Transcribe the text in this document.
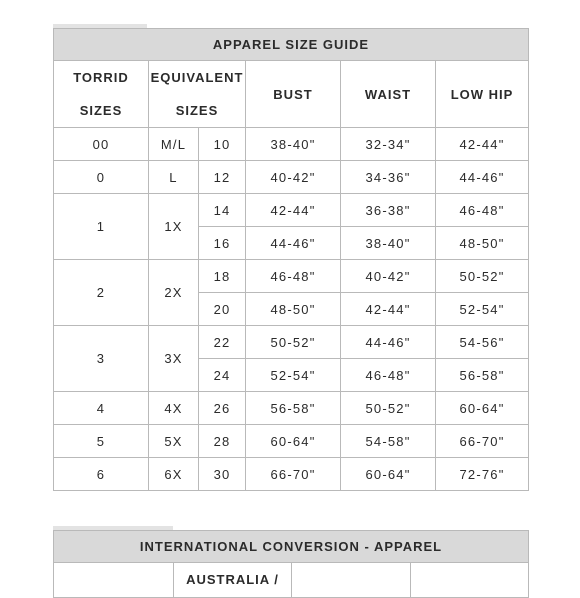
APPAREL SIZE GUIDE					

TORRID
SIZES	EQUIVALENT
SIZES		BUST	WAIST	LOW HIP
00	M/L	10	38-40"	32-34"	42-44"
0	L	12	40-42"	34-36"	44-46"
1	1X	14	42-44"	36-38"	46-48"
		16	44-46"	38-40"	48-50"
2	2X	18	46-48"	40-42"	50-52"
		20	48-50"	42-44"	52-54"
3	3X	22	50-52"	44-46"	54-56"
		24	52-54"	46-48"	56-58"
4	4X	26	56-58"	50-52"	60-64"
5	5X	28	60-64"	54-58"	66-70"
6	6X	30	66-70"	60-64"	72-76"
INTERNATIONAL CONVERSION - APPAREL
	AUSTRALIA /		
